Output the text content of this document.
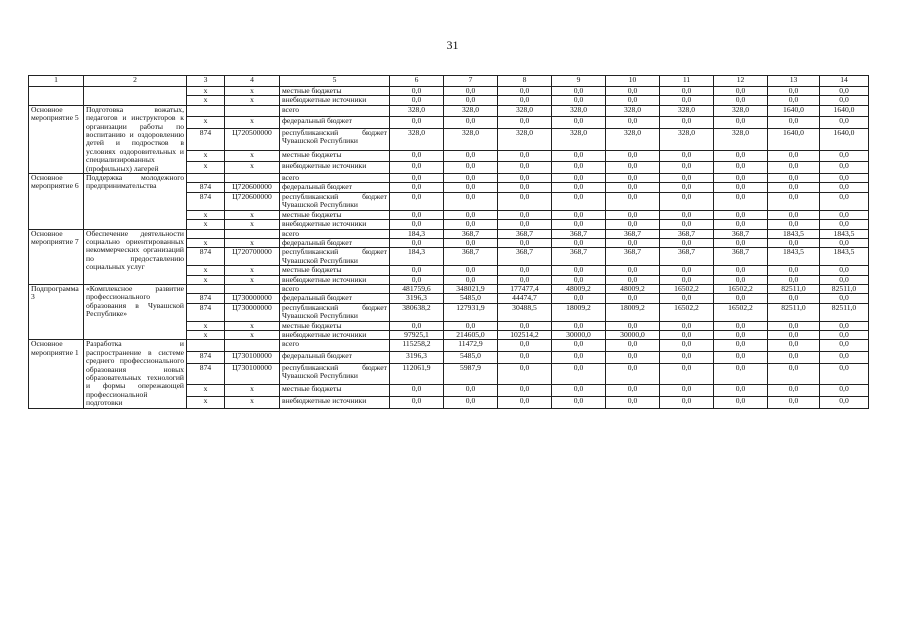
31
1	2	3	4	5	6	7	8	9	10	11	12	13	14
		х	х	местные бюджеты	0,0	0,0	0,0	0,0	0,0	0,0	0,0	0,0	0,0
		х	х	внебюджетные источники	0,0	0,0	0,0	0,0	0,0	0,0	0,0	0,0	0,0
Основное мероприятие 5	Подготовка вожатых, педагогов и инструкторов к организации работы по воспитанию и оздоровлению детей и подростков в условиях оздоровительных и специализированных (профильных) лагерей			всего	328,0	328,0	328,0	328,0	328,0	328,0	328,0	1640,0	1640,0
		х	х	федеральный бюджет	0,0	0,0	0,0	0,0	0,0	0,0	0,0	0,0	0,0
		874	Ц720500000	республиканский бюджет Чувашской Республики	328,0	328,0	328,0	328,0	328,0	328,0	328,0	1640,0	1640,0
		х	х	местные бюджеты	0,0	0,0	0,0	0,0	0,0	0,0	0,0	0,0	0,0
		х	х	внебюджетные источники	0,0	0,0	0,0	0,0	0,0	0,0	0,0	0,0	0,0
Основное мероприятие 6	Поддержка молодежного предпринимательства			всего	0,0	0,0	0,0	0,0	0,0	0,0	0,0	0,0	0,0
		874	Ц720600000	федеральный бюджет	0,0	0,0	0,0	0,0	0,0	0,0	0,0	0,0	0,0
		874	Ц720600000	республиканский бюджет Чувашской Республики	0,0	0,0	0,0	0,0	0,0	0,0	0,0	0,0	0,0
		х	х	местные бюджеты	0,0	0,0	0,0	0,0	0,0	0,0	0,0	0,0	0,0
		х	х	внебюджетные источники	0,0	0,0	0,0	0,0	0,0	0,0	0,0	0,0	0,0
Основное мероприятие 7	Обеспечение деятельности социально ориентированных некоммерческих организаций по предоставлению социальных услуг			всего	184,3	368,7	368,7	368,7	368,7	368,7	368,7	1843,5	1843,5
		х	х	федеральный бюджет	0,0	0,0	0,0	0,0	0,0	0,0	0,0	0,0	0,0
		874	Ц720700000	республиканский бюджет Чувашской Республики	184,3	368,7	368,7	368,7	368,7	368,7	368,7	1843,5	1843,5
		х	х	местные бюджеты	0,0	0,0	0,0	0,0	0,0	0,0	0,0	0,0	0,0
		х	х	внебюджетные источники	0,0	0,0	0,0	0,0	0,0	0,0	0,0	0,0	0,0
Подпрограмма 3	«Комплексное развитие профессионального образования в Чувашской Республике»			всего	481759,6	348021,9	177477,4	48009,2	48009,2	16502,2	16502,2	82511,0	82511,0
		874	Ц730000000	федеральный бюджет	3196,3	5485,0	44474,7	0,0	0,0	0,0	0,0	0,0	0,0
		874	Ц730000000	республиканский бюджет Чувашской Республики	380638,2	127931,9	30488,5	18009,2	18009,2	16502,2	16502,2	82511,0	82511,0
		х	х	местные бюджеты	0,0	0,0	0,0	0,0	0,0	0,0	0,0	0,0	0,0
		х	х	внебюджетные источники	97925,1	214605,0	102514,2	30000,0	30000,0	0,0	0,0	0,0	0,0
Основное мероприятие 1	Разработка и распространение в системе среднего профессионального образования новых образовательных технологий и формы опережающей профессиональной подготовки			всего	115258,2	11472,9	0,0	0,0	0,0	0,0	0,0	0,0	0,0
		874	Ц730100000	федеральный бюджет	3196,3	5485,0	0,0	0,0	0,0	0,0	0,0	0,0	0,0
		874	Ц730100000	республиканский бюджет Чувашской Республики	112061,9	5987,9	0,0	0,0	0,0	0,0	0,0	0,0	0,0
		х	х	местные бюджеты	0,0	0,0	0,0	0,0	0,0	0,0	0,0	0,0	0,0
		х	х	внебюджетные источники	0,0	0,0	0,0	0,0	0,0	0,0	0,0	0,0	0,0
